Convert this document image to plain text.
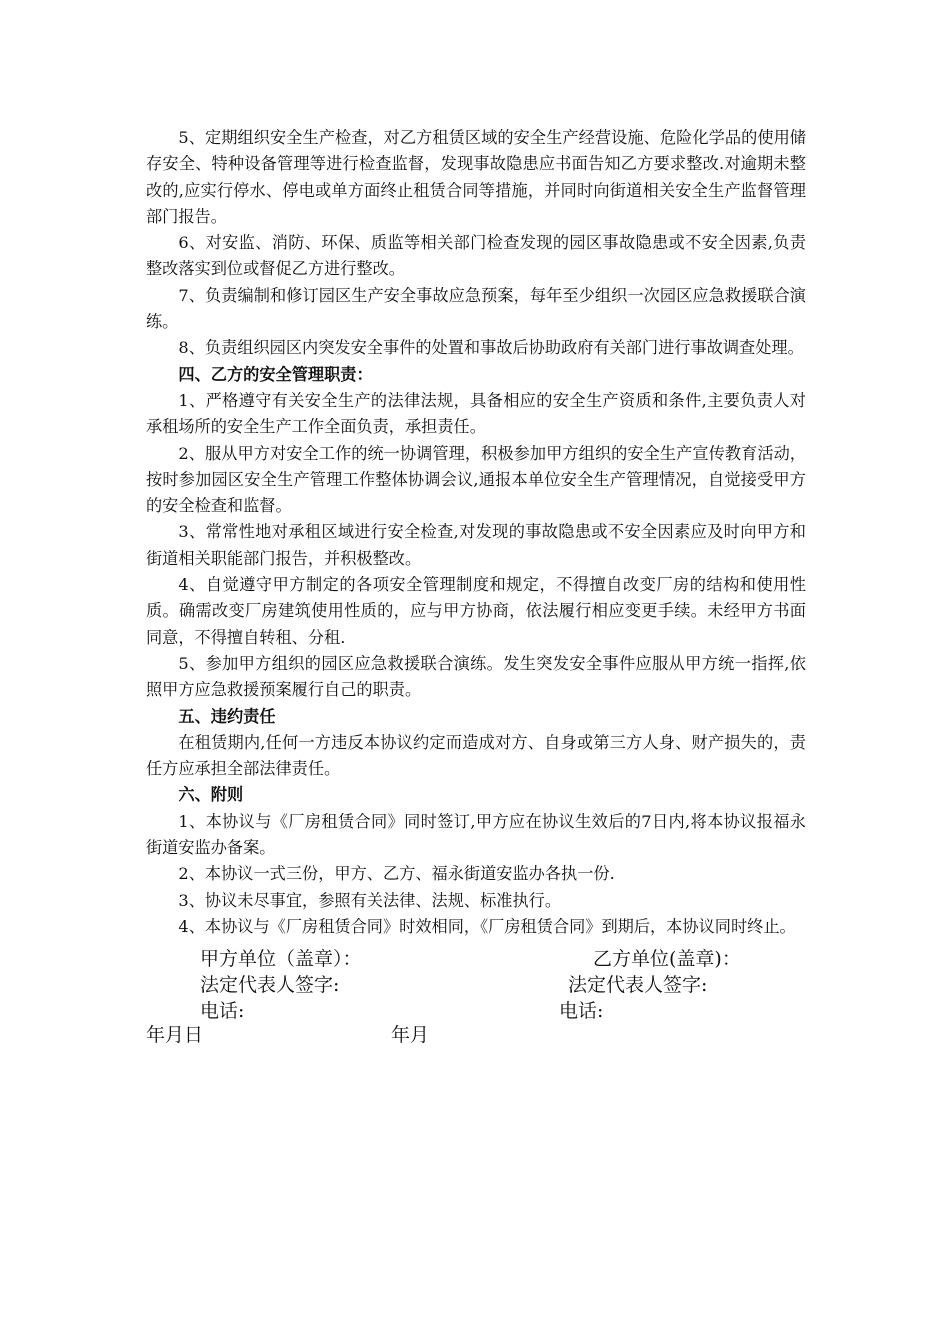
5、定期组织安全生产检查，对乙方租赁区域的安全生产经营设施、危险化学品的使用储存安全、特种设备管理等进行检查监督，发现事故隐患应书面告知乙方要求整改.对逾期未整改的,应实行停水、停电或单方面终止租赁合同等措施，并同时向街道相关安全生产监督管理部门报告。

6、对安监、消防、环保、质监等相关部门检查发现的园区事故隐患或不安全因素,负责整改落实到位或督促乙方进行整改。

7、负责编制和修订园区生产安全事故应急预案，每年至少组织一次园区应急救援联合演练。

8、负责组织园区内突发安全事件的处置和事故后协助政府有关部门进行事故调查处理。

四、乙方的安全管理职责：

1、严格遵守有关安全生产的法律法规，具备相应的安全生产资质和条件,主要负责人对承租场所的安全生产工作全面负责，承担责任。

2、服从甲方对安全工作的统一协调管理，积极参加甲方组织的安全生产宣传教育活动，按时参加园区安全生产管理工作整体协调会议,通报本单位安全生产管理情况，自觉接受甲方的安全检查和监督。

3、常常性地对承租区域进行安全检查,对发现的事故隐患或不安全因素应及时向甲方和街道相关职能部门报告，并积极整改。

4、自觉遵守甲方制定的各项安全管理制度和规定，不得擅自改变厂房的结构和使用性质。确需改变厂房建筑使用性质的，应与甲方协商，依法履行相应变更手续。未经甲方书面同意，不得擅自转租、分租.

5、参加甲方组织的园区应急救援联合演练。发生突发安全事件应服从甲方统一指挥,依照甲方应急救援预案履行自己的职责。

五、违约责任

在租赁期内,任何一方违反本协议约定而造成对方、自身或第三方人身、财产损失的，责任方应承担全部法律责任。

六、附则

1、本协议与《厂房租赁合同》同时签订,甲方应在协议生效后的7日内,将本协议报福永街道安监办备案。

2、本协议一式三份，甲方、乙方、福永街道安监办各执一份.

3、协议未尽事宜，参照有关法律、法规、标准执行。

4、本协议与《厂房租赁合同》时效相同，《厂房租赁合同》到期后，本协议同时终止。

甲方单位（盖章）：	乙方单位(盖章)：
法定代表人签字:	法定代表人签字:
电话:	电话:
年月日	年月
